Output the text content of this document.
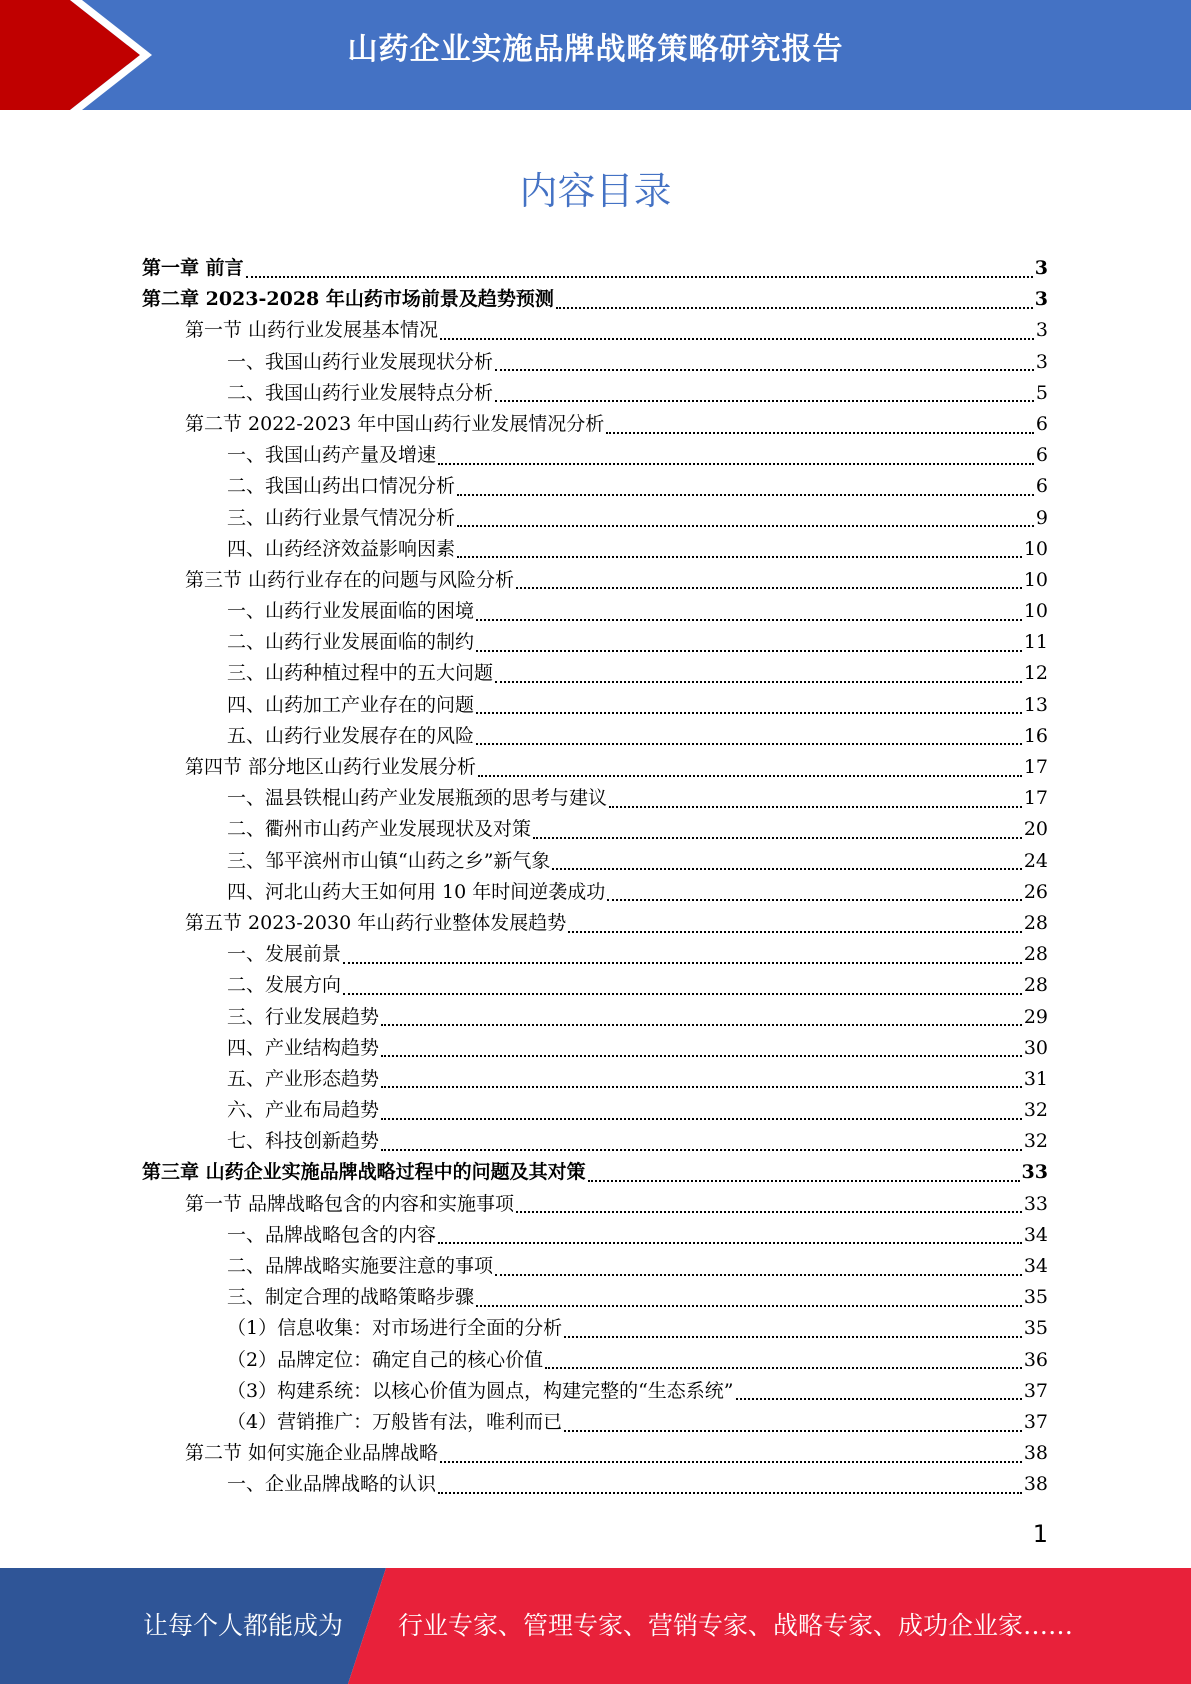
山药企业实施品牌战略策略研究报告
内容目录
第一章 前言	3
第二章 2023-2028 年山药市场前景及趋势预测	3
第一节 山药行业发展基本情况	3
一、我国山药行业发展现状分析	3
二、我国山药行业发展特点分析	5
第二节 2022-2023 年中国山药行业发展情况分析	6
一、我国山药产量及增速	6
二、我国山药出口情况分析	6
三、山药行业景气情况分析	9
四、山药经济效益影响因素	10
第三节 山药行业存在的问题与风险分析	10
一、山药行业发展面临的困境	10
二、山药行业发展面临的制约	11
三、山药种植过程中的五大问题	12
四、山药加工产业存在的问题	13
五、山药行业发展存在的风险	16
第四节 部分地区山药行业发展分析	17
一、温县铁棍山药产业发展瓶颈的思考与建议	17
二、衢州市山药产业发展现状及对策	20
三、邹平滨州市山镇“山药之乡”新气象	24
四、河北山药大王如何用 10 年时间逆袭成功	26
第五节 2023-2030 年山药行业整体发展趋势	28
一、发展前景	28
二、发展方向	28
三、行业发展趋势	29
四、产业结构趋势	30
五、产业形态趋势	31
六、产业布局趋势	32
七、科技创新趋势	32
第三章 山药企业实施品牌战略过程中的问题及其对策	33
第一节 品牌战略包含的内容和实施事项	33
一、品牌战略包含的内容	34
二、品牌战略实施要注意的事项	34
三、制定合理的战略策略步骤	35
（1）信息收集：对市场进行全面的分析	35
（2）品牌定位：确定自己的核心价值	36
（3）构建系统：以核心价值为圆点，构建完整的“生态系统”	37
（4）营销推广：万般皆有法，唯利而已	37
第二节 如何实施企业品牌战略	38
一、企业品牌战略的认识	38
1
让每个人都能成为 行业专家、管理专家、营销专家、战略专家、成功企业家……
